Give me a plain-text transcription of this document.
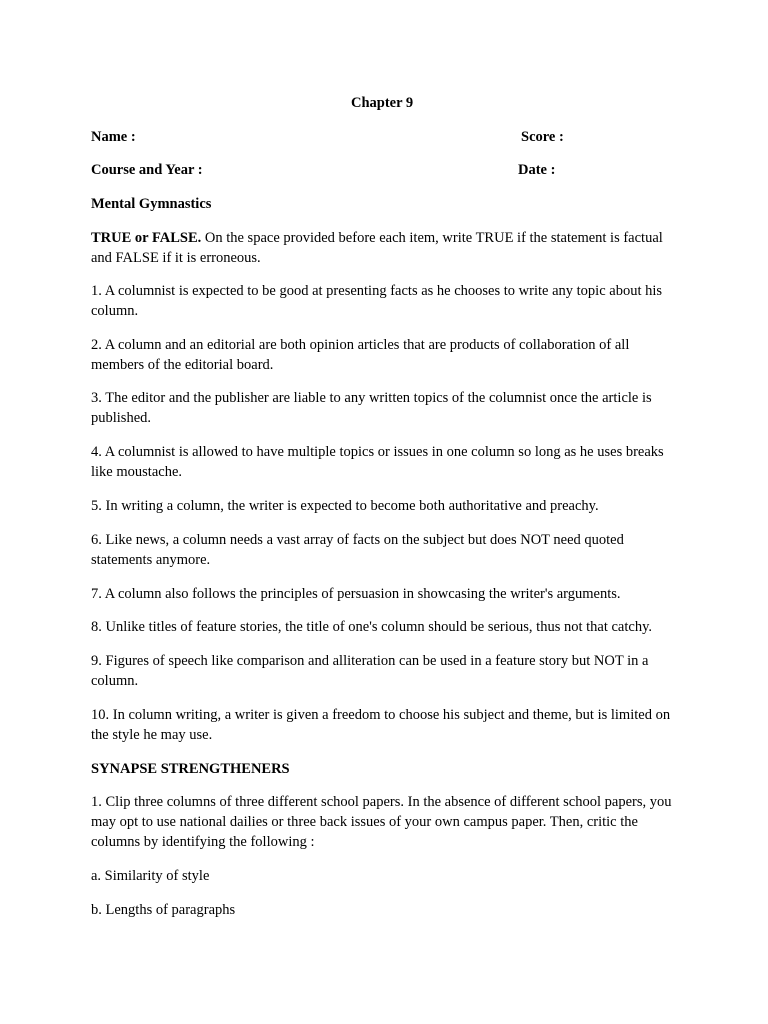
Chapter 9
Name :	Score :
Course and Year :	Date :
Mental Gymnastics
TRUE or FALSE. On the space provided before each item, write TRUE if the statement is factual and FALSE if it is erroneous.
1. A columnist is expected to be good at presenting facts as he chooses to write any topic about his column.
2. A column and an editorial are both opinion articles that are products of collaboration of all members of the editorial board.
3. The editor and the publisher are liable to any written topics of the columnist once the article is published.
4. A columnist is allowed to have multiple topics or issues in one column so long as he uses breaks like moustache.
5. In writing a column, the writer is expected to become both authoritative and preachy.
6. Like news, a column needs a vast array of facts on the subject but does NOT need quoted statements anymore.
7. A column also follows the principles of persuasion in showcasing the writer's arguments.
8. Unlike titles of feature stories, the title of one's column should be serious, thus not that catchy.
9. Figures of speech like comparison and alliteration can be used in a feature story but NOT in a column.
10. In column writing, a writer is given a freedom to choose his subject and theme, but is limited on the style he may use.
SYNAPSE STRENGTHENERS
1. Clip three columns of three different school papers. In the absence of different school papers, you may opt to use national dailies or three back issues of your own campus paper. Then, critic the columns by identifying the following :
a. Similarity of style
b. Lengths of paragraphs
